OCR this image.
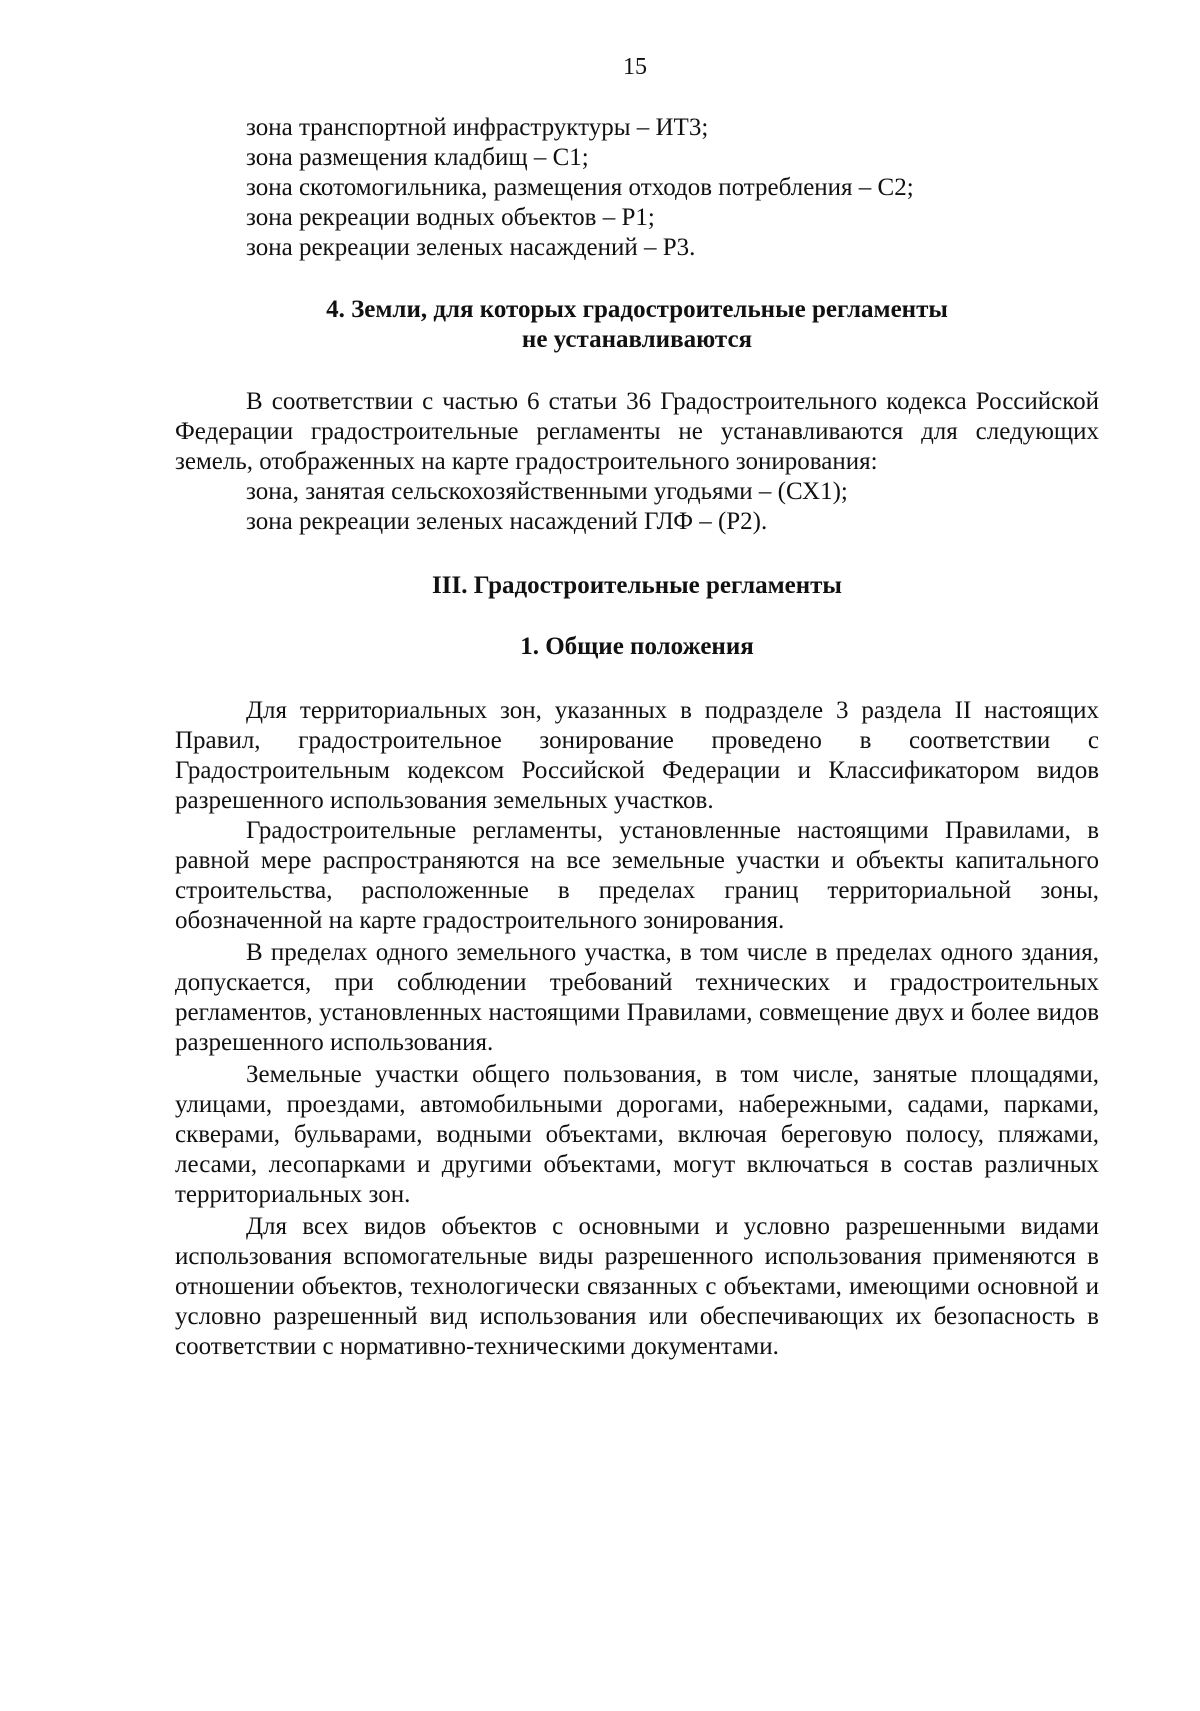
15

зона транспортной инфраструктуры – ИТ3;

зона размещения кладбищ – С1;

зона скотомогильника, размещения отходов потребления – С2;

зона рекреации водных объектов – Р1;

зона рекреации зеленых насаждений – Р3.

4. Земли, для которых градостроительные регламенты

не устанавливаются

В соответствии с частью 6 статьи 36 Градостроительного кодекса Российской Федерации градостроительные регламенты не устанавливаются для следующих земель, отображенных на карте градостроительного зонирования:

зона, занятая сельскохозяйственными угодьями – (СХ1);

зона рекреации зеленых насаждений ГЛФ – (Р2).

III. Градостроительные регламенты

1. Общие положения

Для территориальных зон, указанных в подразделе 3 раздела II настоящих Правил, градостроительное зонирование проведено в соответствии с Градостроительным кодексом Российской Федерации и Классификатором видов разрешенного использования земельных участков.

Градостроительные регламенты, установленные настоящими Правилами, в равной мере распространяются на все земельные участки и объекты капитального строительства, расположенные в пределах границ территориальной зоны, обозначенной на карте градостроительного зонирования.

В пределах одного земельного участка, в том числе в пределах одного здания, допускается, при соблюдении требований технических и градостроительных регламентов, установленных настоящими Правилами, совмещение двух и более видов разрешенного использования.

Земельные участки общего пользования, в том числе, занятые площадями, улицами, проездами, автомобильными дорогами, набережными, садами, парками, скверами, бульварами, водными объектами, включая береговую полосу, пляжами, лесами, лесопарками и другими объектами, могут включаться в состав различных территориальных зон.

Для всех видов объектов с основными и условно разрешенными видами использования вспомогательные виды разрешенного использования применяются в отношении объектов, технологически связанных с объектами, имеющими основной и условно разрешенный вид использования или обеспечивающих их безопасность в соответствии с нормативно-техническими документами.
